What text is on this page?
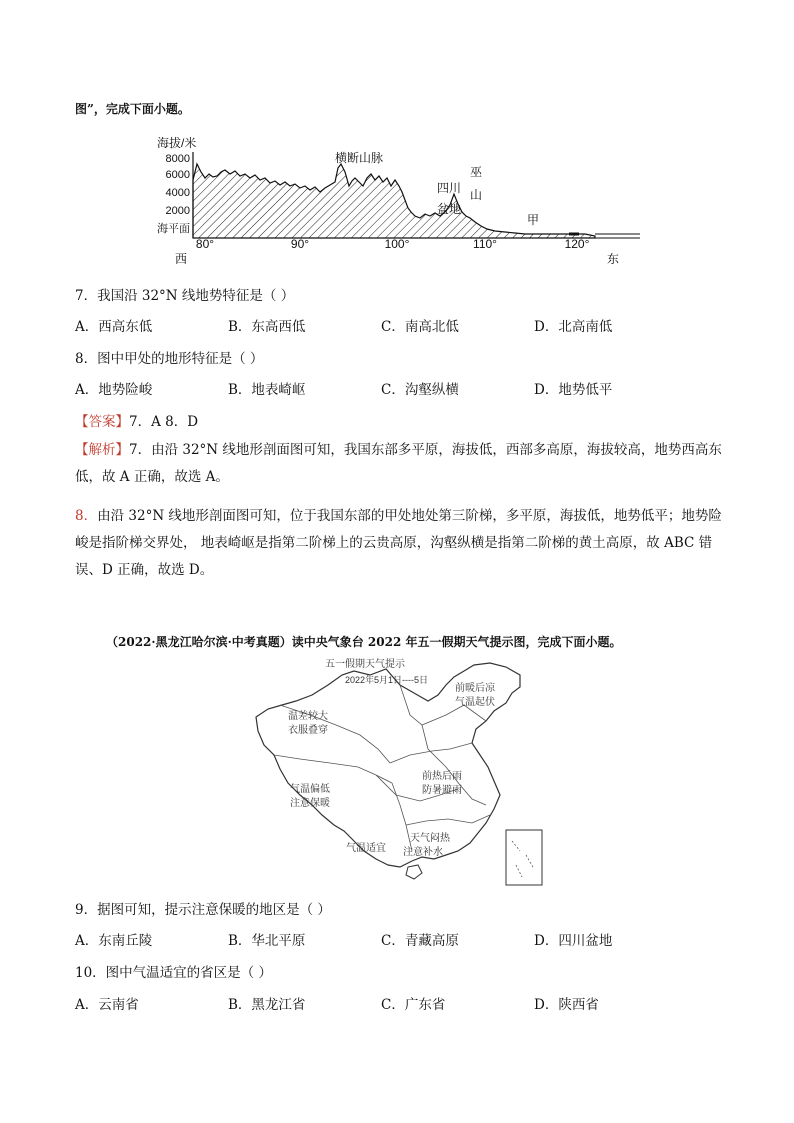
图”，完成下面小题。
海拔/米
8000
6000
4000
2000
海平面
80°	90°	100°	110°	120°
西	东
横断山脉
四川
盆地
巫
山
甲
7．我国沿 32°N 线地势特征是（ ）
A．西高东低	B．东高西低	C．南高北低	D．北高南低
8．图中甲处的地形特征是（ ）
A．地势险峻	B．地表崎岖	C．沟壑纵横	D．地势低平
【答案】7．A 8．D
【解析】7．由沿 32°N 线地形剖面图可知，我国东部多平原，海拔低，西部多高原，海拔较高，地势西高东低，故 A 正确，故选 A。
8．由沿 32°N 线地形剖面图可知，位于我国东部的甲处地处第三阶梯，多平原，海拔低，地势低平；地势险峻是指阶梯交界处， 地表崎岖是指第二阶梯上的云贵高原，沟壑纵横是指第二阶梯的黄土高原，故 ABC 错误、D 正确，故选 D。
（2022·黑龙江哈尔滨·中考真题）读中央气象台 2022 年五一假期天气提示图，完成下面小题。
五一假期天气提示
2022年5月1日----5日
温差较大
衣服叠穿
前暖后凉
气温起伏
前热后雨
防暑避雨
气温偏低
注意保暖
气温适宜
天气闷热
注意补水
9．据图可知，提示注意保暖的地区是（ ）
A．东南丘陵	B．华北平原	C．青藏高原	D．四川盆地
10．图中气温适宜的省区是（ ）
A．云南省	B．黑龙江省	C．广东省	D．陕西省
